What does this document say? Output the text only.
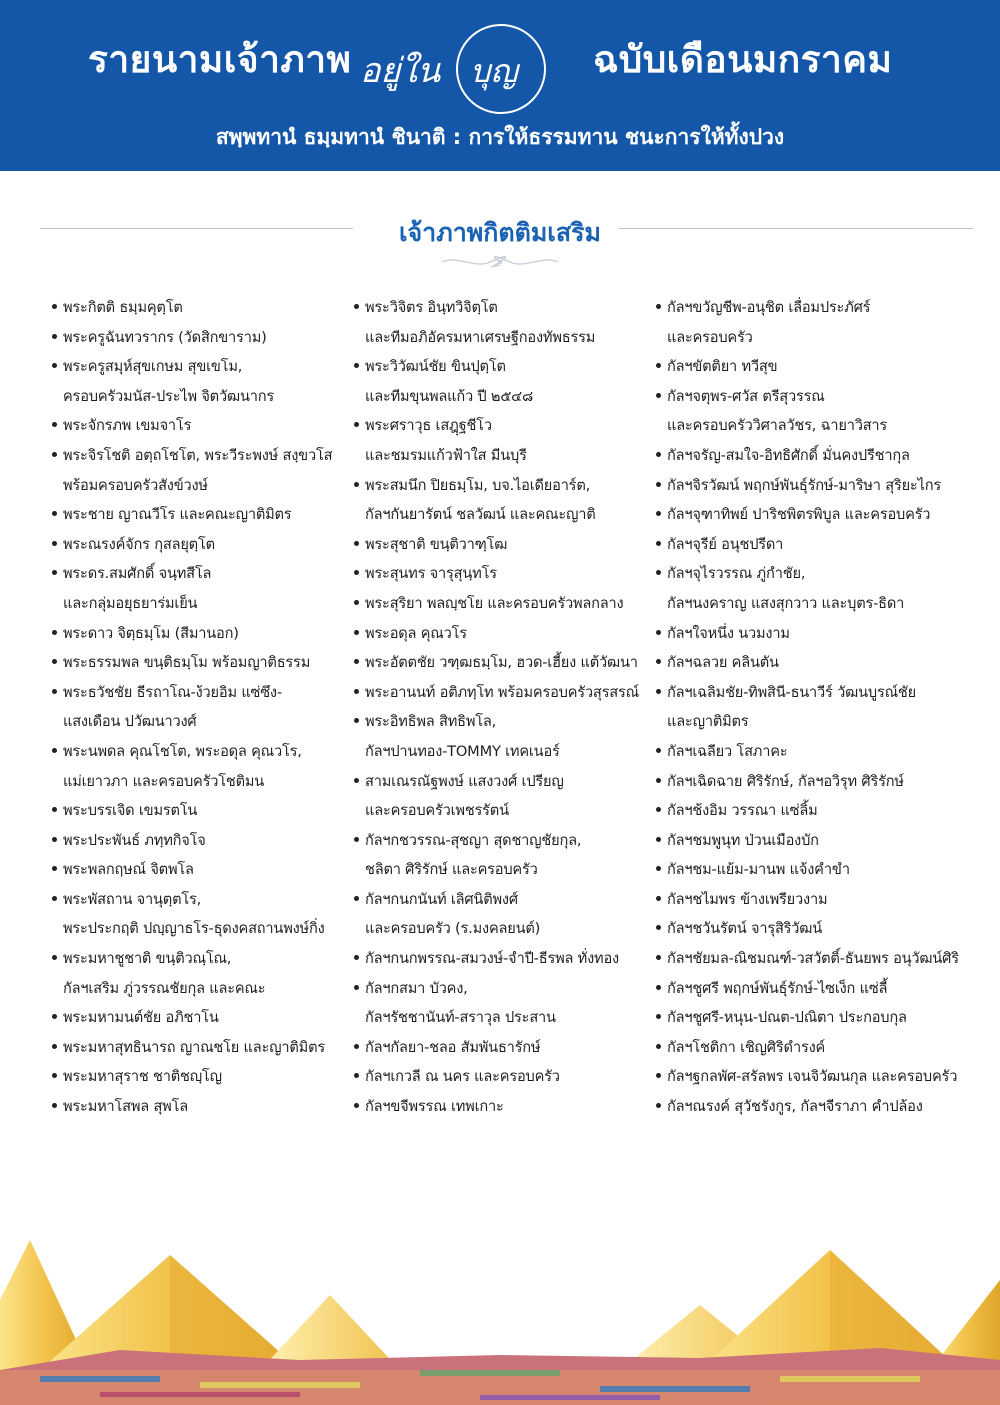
รายนามเจ้าภาพ อยู่ใน บุญ ฉบับเดือนมกราคม
สพฺพทานํ ธมฺมทานํ ชินาติ : การให้ธรรมทาน ชนะการให้ทั้งปวง
เจ้าภาพกิตติมเสริม
พระกิตติ ธมฺมคุตฺโต
พระครูฉันทวรากร (วัดสิกขาราม)
พระครูสมุห์สุขเกษม สุขเขโม,
ครอบครัวมนัส-ประไพ จิตวัฒนากร
พระจักรภพ เขมจาโร
พระจิรโชติ อตฺถโชโต, พระวีระพงษ์ สงฺขวโส
พร้อมครอบครัวสังข์วงษ์
พระชาย ญาณวีโร และคณะญาติมิตร
พระณรงค์จักร กุสลยุตฺโต
พระดร.สมศักดิ์ จนฺทสีโล
และกลุ่มอยุธยาร่มเย็น
พระดาว จิตฺธมฺโม (สีมานอก)
พระธรรมพล ขนฺติธมฺโม พร้อมญาติธรรม
พระธวัชชัย ธีรถาโณ-ง้วยอิม แซ่ซึง-
แสงเดือน ปวัฒนาวงศ์
พระนพดล คุณโชโต, พระอดุล คุณวโร,
แม่เยาวภา และครอบครัวโชติมน
พระบรรเจิด เขมรตโน
พระประพันธ์ ภทฺทกิจโจ
พระพลกฤษณ์ จิตพโล
พระพัสถาน จานุตฺตโร,
พระประกฤติ ปญฺญาธโร-ธุดงคสถานพงษ์กิ่ง
พระมหาชูชาติ ขนฺติวณฺโณ,
กัลฯเสริม ภู่วรรณชัยกุล และคณะ
พระมหามนต์ชัย อภิชาโน
พระมหาสุทธินารถ ญาณชโย และญาติมิตร
พระมหาสุราช ชาติชญฺโญ
พระมหาโสพล สุพโล
พระวิจิตร อินฺทวิจิตฺโต
และทีมอภิอัครมหาเศรษฐีกองทัพธรรม
พระวิวัฒน์ชัย ขินปุตฺโต
และทีมขุนพลแก้ว ปี ๒๕๔๘
พระศราวุธ เสฎฺฐชีโว
และชมรมแก้วฟ้าใส มีนบุรี
พระสมนึก ปิยธมฺโม, บจ.ไอเดียอาร์ต,
กัลฯกันยารัตน์ ชลวัฒน์ และคณะญาติ
พระสุชาติ ขนฺติวาฑฺโฒ
พระสุนทร จารุสุนฺทโร
พระสุริยา พลญฺชโย และครอบครัวพลกลาง
พระอดุล คุณวโร
พระอัตตชัย วฑฺฒธมฺโม, ฮวด-เฮี้ยง แต้วัฒนา
พระอานนท์ อติภทฺโท พร้อมครอบครัวสุรสรณ์
พระอิทธิพล สิทธิพโล,
กัลฯปานทอง-TOMMY เทคเนอร์
สามเณรณัฐพงษ์ แสงวงศ์ เปรียญ
และครอบครัวเพชรรัตน์
กัลฯกชวรรณ-สุชญา สุดชาญชัยกุล,
ชลิตา ศิริรักษ์ และครอบครัว
กัลฯกนกนันท์ เลิศนิติพงศ์
และครอบครัว (ร.มงคลยนต์)
กัลฯกนกพรรณ-สมวงษ์-จำปี-ธีรพล ทั่งทอง
กัลฯกสมา บัวคง,
กัลฯรัชชานันท์-สราวุล ประสาน
กัลฯกัลยา-ชลอ สัมพันธารักษ์
กัลฯเกวลี ณ นคร และครอบครัว
กัลฯขจีพรรณ เทพเกาะ
กัลฯขวัญชีพ-อนุชิต เลื่อมประภัศร์
และครอบครัว
กัลฯขัตติยา ทวีสุข
กัลฯจตุพร-ศวัส ตรีสุวรรณ
และครอบครัววิศาลวัชร, ฉายาวิสาร
กัลฯจรัญ-สมใจ-อิทธิศักดิ์ มั่นคงปรีชากุล
กัลฯจิรวัฒน์ พฤกษ์พันธุ์รักษ์-มาริษา สุริยะไกร
กัลฯจุฑาทิพย์ ปาริชพิตรพิบูล และครอบครัว
กัลฯจุรีย์ อนุชปรีดา
กัลฯจุไรวรรณ ภู่กำชัย,
กัลฯนงคราญ แสงสุกวาว และบุตร-ธิดา
กัลฯใจหนึ่ง นวมงาม
กัลฯฉลวย คลินตัน
กัลฯเฉลิมชัย-ทิพสินี-ธนาวีร์ วัฒนบูรณ์ชัย
และญาติมิตร
กัลฯเฉลียว โสภาคะ
กัลฯเฉิดฉาย ศิริรักษ์, กัลฯอวิรุท ศิริรักษ์
กัลฯช้งอิม วรรณา แซ่ลิ้ม
กัลฯชมพูนุท ป่วนเมืองบัก
กัลฯชม-แย้ม-มานพ แจ้งคำขำ
กัลฯชไมพร ข้างเพรียวงาม
กัลฯชวันรัตน์ จารุสิริวัฒน์
กัลฯชัยมล-ณิชมณฑ์-วสวัตติ์-ธันยพร อนุวัฒน์ศิริ
กัลฯชูศรี พฤกษ์พันธุ์รักษ์-ไซเง็ก แซ่ลี้
กัลฯชูศรี-หนุน-ปณต-ปณิตา ประกอบกุล
กัลฯโชติกา เชิญศิริดำรงค์
กัลฯฐกลพัศ-สรัลพร เจนจิวัฒนกุล และครอบครัว
กัลฯณรงค์ สุวัชรังกูร, กัลฯจีราภา คำปล้อง
